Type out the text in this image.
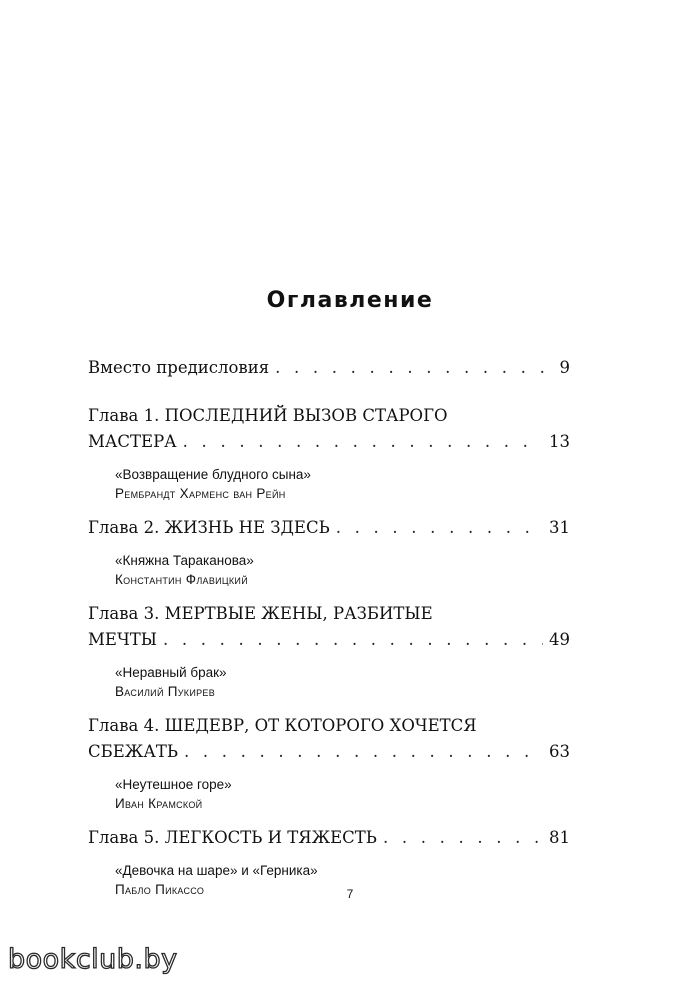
Оглавление
Вместо предисловия . . .	9
Глава 1. ПОСЛЕДНИЙ ВЫЗОВ СТАРОГО
МАСТЕРА . . .	13
«Возвращение блудного сына»
Рембрандт Харменс ван Рейн
Глава 2. ЖИЗНЬ НЕ ЗДЕСЬ . . .	31
«Княжна Тараканова»
Константин Флавицкий
Глава 3. МЕРТВЫЕ ЖЕНЫ, РАЗБИТЫЕ
МЕЧТЫ . . .	49
«Неравный брак»
Василий Пукирев
Глава 4. ШЕДЕВР, ОТ КОТОРОГО ХОЧЕТСЯ
СБЕЖАТЬ . . .	63
«Неутешное горе»
Иван Крамской
Глава 5. ЛЕГКОСТЬ И ТЯЖЕСТЬ . . .	81
«Девочка на шаре» и «Герника»
Пабло Пикассо	7
bookclub.by
